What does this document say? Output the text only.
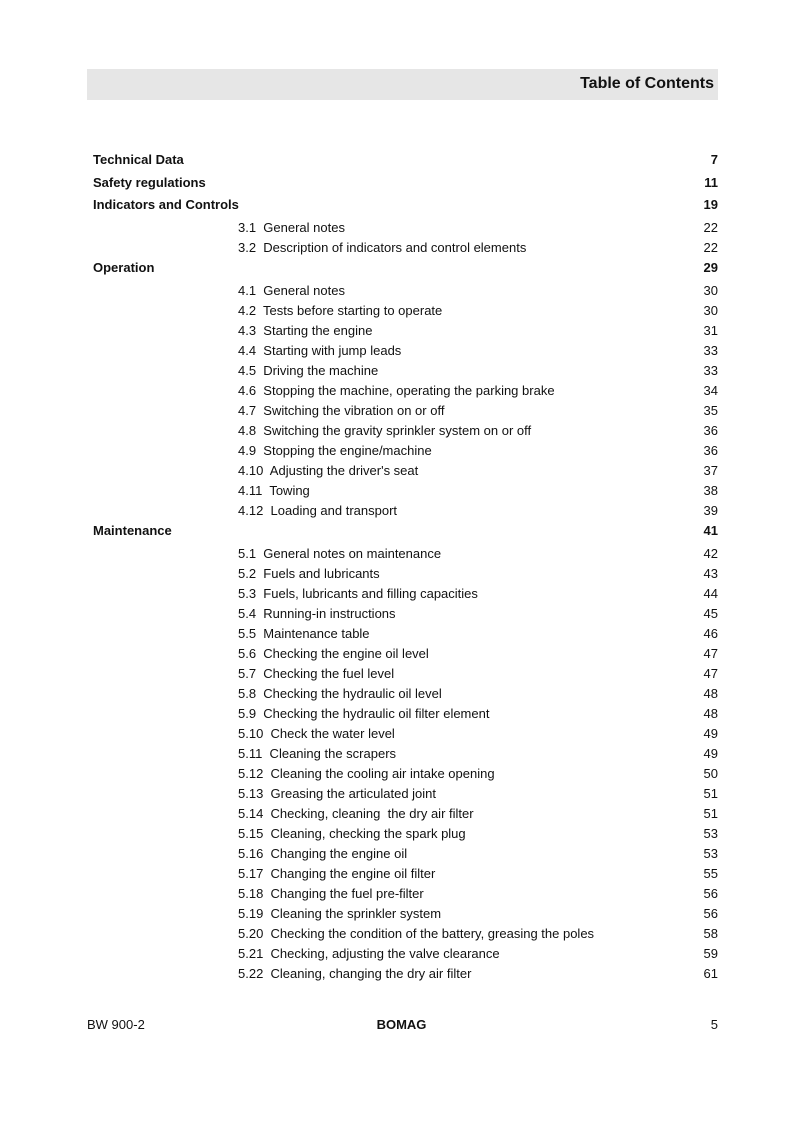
Table of Contents
Technical Data	7
Safety regulations	11
Indicators and Controls	19
3.1  General notes	22
3.2  Description of indicators and control elements	22
Operation	29
4.1  General notes	30
4.2  Tests before starting to operate	30
4.3  Starting the engine	31
4.4  Starting with jump leads	33
4.5  Driving the machine	33
4.6  Stopping the machine, operating the parking brake	34
4.7  Switching the vibration on or off	35
4.8  Switching the gravity sprinkler system on or off	36
4.9  Stopping the engine/machine	36
4.10  Adjusting the driver's seat	37
4.11  Towing	38
4.12  Loading and transport	39
Maintenance	41
5.1  General notes on maintenance	42
5.2  Fuels and lubricants	43
5.3  Fuels, lubricants and filling capacities	44
5.4  Running-in instructions	45
5.5  Maintenance table	46
5.6  Checking the engine oil level	47
5.7  Checking the fuel level	47
5.8  Checking the hydraulic oil level	48
5.9  Checking the hydraulic oil filter element	48
5.10  Check the water level	49
5.11  Cleaning the scrapers	49
5.12  Cleaning the cooling air intake opening	50
5.13  Greasing the articulated joint	51
5.14  Checking, cleaning  the dry air filter	51
5.15  Cleaning, checking the spark plug	53
5.16  Changing the engine oil	53
5.17  Changing the engine oil filter	55
5.18  Changing the fuel pre-filter	56
5.19  Cleaning the sprinkler system	56
5.20  Checking the condition of the battery, greasing the poles	58
5.21  Checking, adjusting the valve clearance	59
5.22  Cleaning, changing the dry air filter	61
BW 900-2	BOMAG	5
